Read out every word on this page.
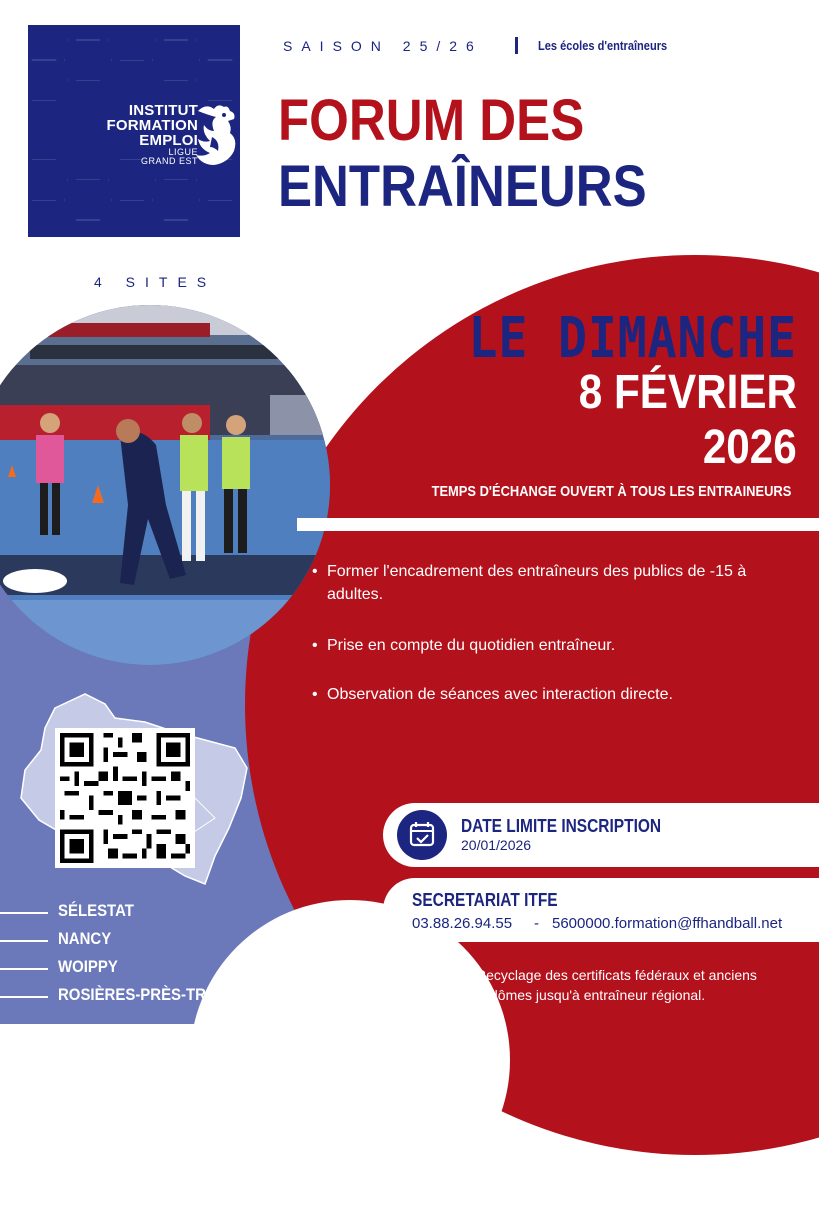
INSTITUT
FORMATION
EMPLOI
LIGUE
GRAND EST
SAISON 25/26	Les écoles d'entraîneurs
FORUM DES
ENTRAÎNEURS
4 SITES
LE DIMANCHE
8 FÉVRIER
2026
TEMPS D'ÉCHANGE OUVERT À TOUS LES ENTRAINEURS
• Former l'encadrement des entraîneurs des publics de -15 à adultes.
• Prise en compte du quotidien entraîneur.
• Observation de séances avec interaction directe.
SÉLESTAT
NANCY
WOIPPY
ROSIÈRES-PRÈS-TROYES
DATE LIMITE INSCRIPTION
20/01/2026
SECRETARIAT ITFE
03.88.26.94.55 - 5600000.formation@ffhandball.net
Recyclage des certificats fédéraux et anciens diplômes jusqu'à entraîneur régional.
